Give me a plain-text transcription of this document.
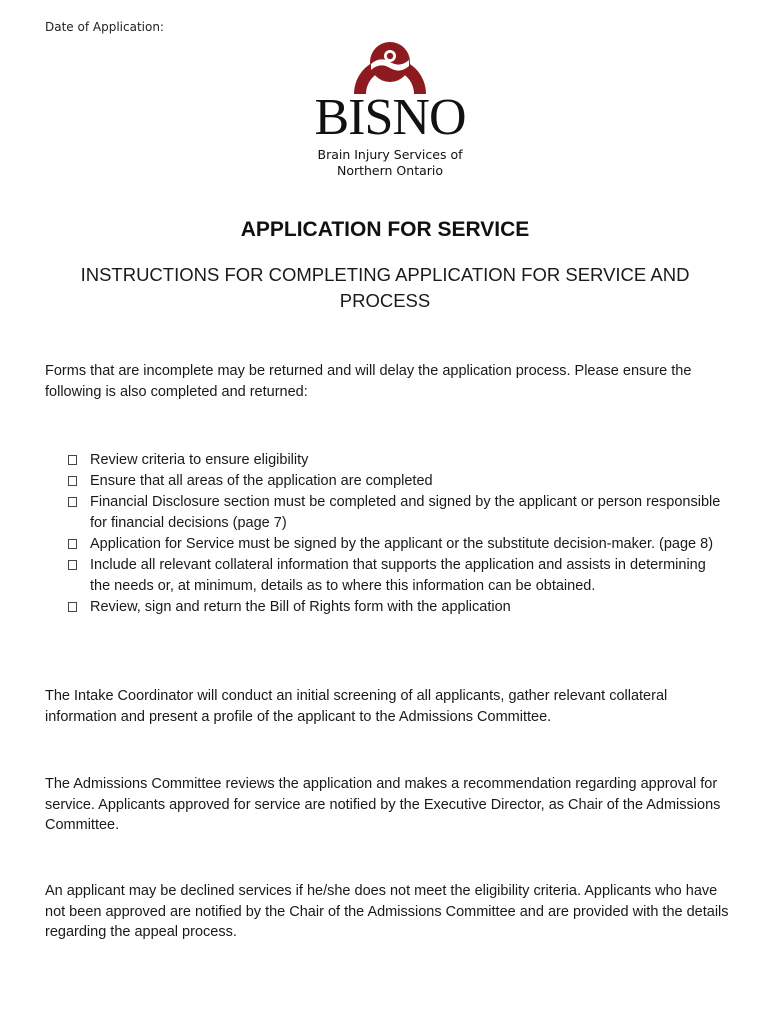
Date of Application:
BISNO
Brain Injury Services of
Northern Ontario
APPLICATION FOR SERVICE
INSTRUCTIONS FOR COMPLETING APPLICATION FOR SERVICE AND
PROCESS
Forms that are incomplete may be returned and will delay the application process. Please ensure the following is also completed and returned:
Review criteria to ensure eligibility
Ensure that all areas of the application are completed
Financial Disclosure section must be completed and signed by the applicant or person responsible for financial decisions (page 7)
Application for Service must be signed by the applicant or the substitute decision-maker. (page 8)
Include all relevant collateral information that supports the application and assists in determining the needs or, at minimum, details as to where this information can be obtained.
Review, sign and return the Bill of Rights form with the application
The Intake Coordinator will conduct an initial screening of all applicants, gather relevant collateral information and present a profile of the applicant to the Admissions Committee.
The Admissions Committee reviews the application and makes a recommendation regarding approval for service. Applicants approved for service are notified by the Executive Director, as Chair of the Admissions Committee.
An applicant may be declined services if he/she does not meet the eligibility criteria. Applicants who have not been approved are notified by the Chair of the Admissions Committee and are provided with the details regarding the appeal process.
